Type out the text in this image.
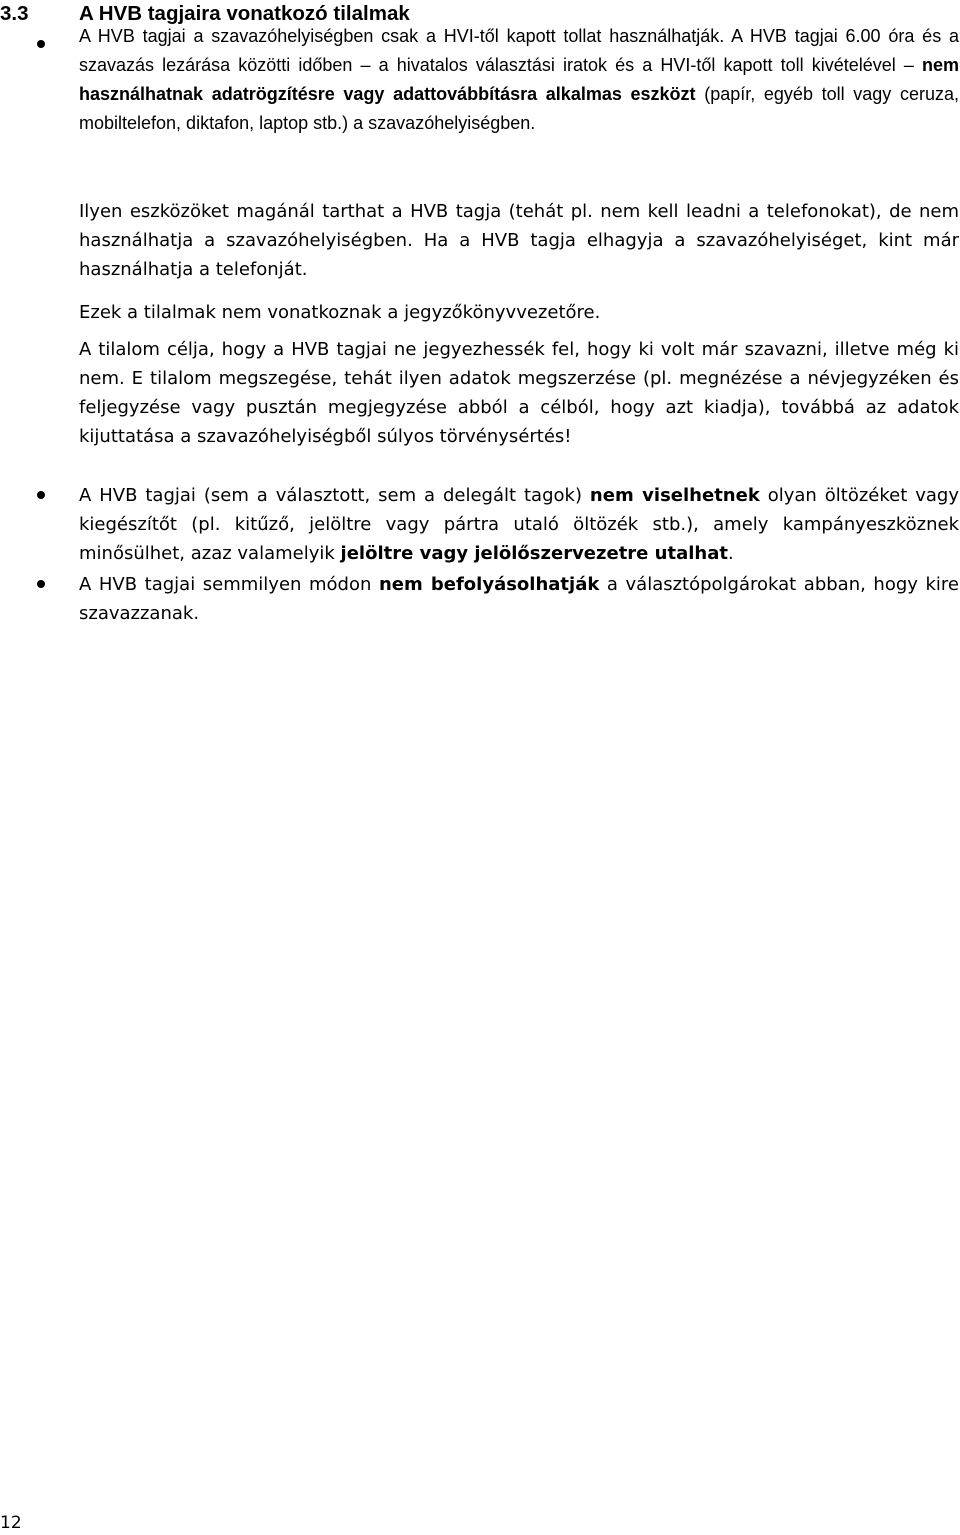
3.3 A HVB tagjaira vonatkozó tilalmak
A HVB tagjai a szavazóhelyiségben csak a HVI-től kapott tollat használhatják. A HVB tagjai 6.00 óra és a szavazás lezárása közötti időben – a hivatalos választási iratok és a HVI-től kapott toll kivételével – nem használhatnak adatrögzítésre vagy adattovábbításra alkalmas eszközt (papír, egyéb toll vagy ceruza, mobiltelefon, diktafon, laptop stb.) a szavazóhelyiségben.
Ilyen eszközöket magánál tarthat a HVB tagja (tehát pl. nem kell leadni a telefonokat), de nem használhatja a szavazóhelyiségben. Ha a HVB tagja elhagyja a szavazóhelyiséget, kint már használhatja a telefonját.
Ezek a tilalmak nem vonatkoznak a jegyzőkönyvvezetőre.
A tilalom célja, hogy a HVB tagjai ne jegyezhessék fel, hogy ki volt már szavazni, illetve még ki nem. E tilalom megszegése, tehát ilyen adatok megszerzése (pl. megnézése a névjegyzéken és feljegyzése vagy pusztán megjegyzése abból a célból, hogy azt kiadja), továbbá az adatok kijuttatása a szavazóhelyiségből súlyos törvénysértés!
A HVB tagjai (sem a választott, sem a delegált tagok) nem viselhetnek olyan öltözéket vagy kiegészítőt (pl. kitűző, jelöltre vagy pártra utaló öltözék stb.), amely kampányeszköznek minősülhet, azaz valamelyik jelöltre vagy jelölőszervezetre utalhat.
A HVB tagjai semmilyen módon nem befolyásolhatják a választópolgárokat abban, hogy kire szavazzanak.
12
